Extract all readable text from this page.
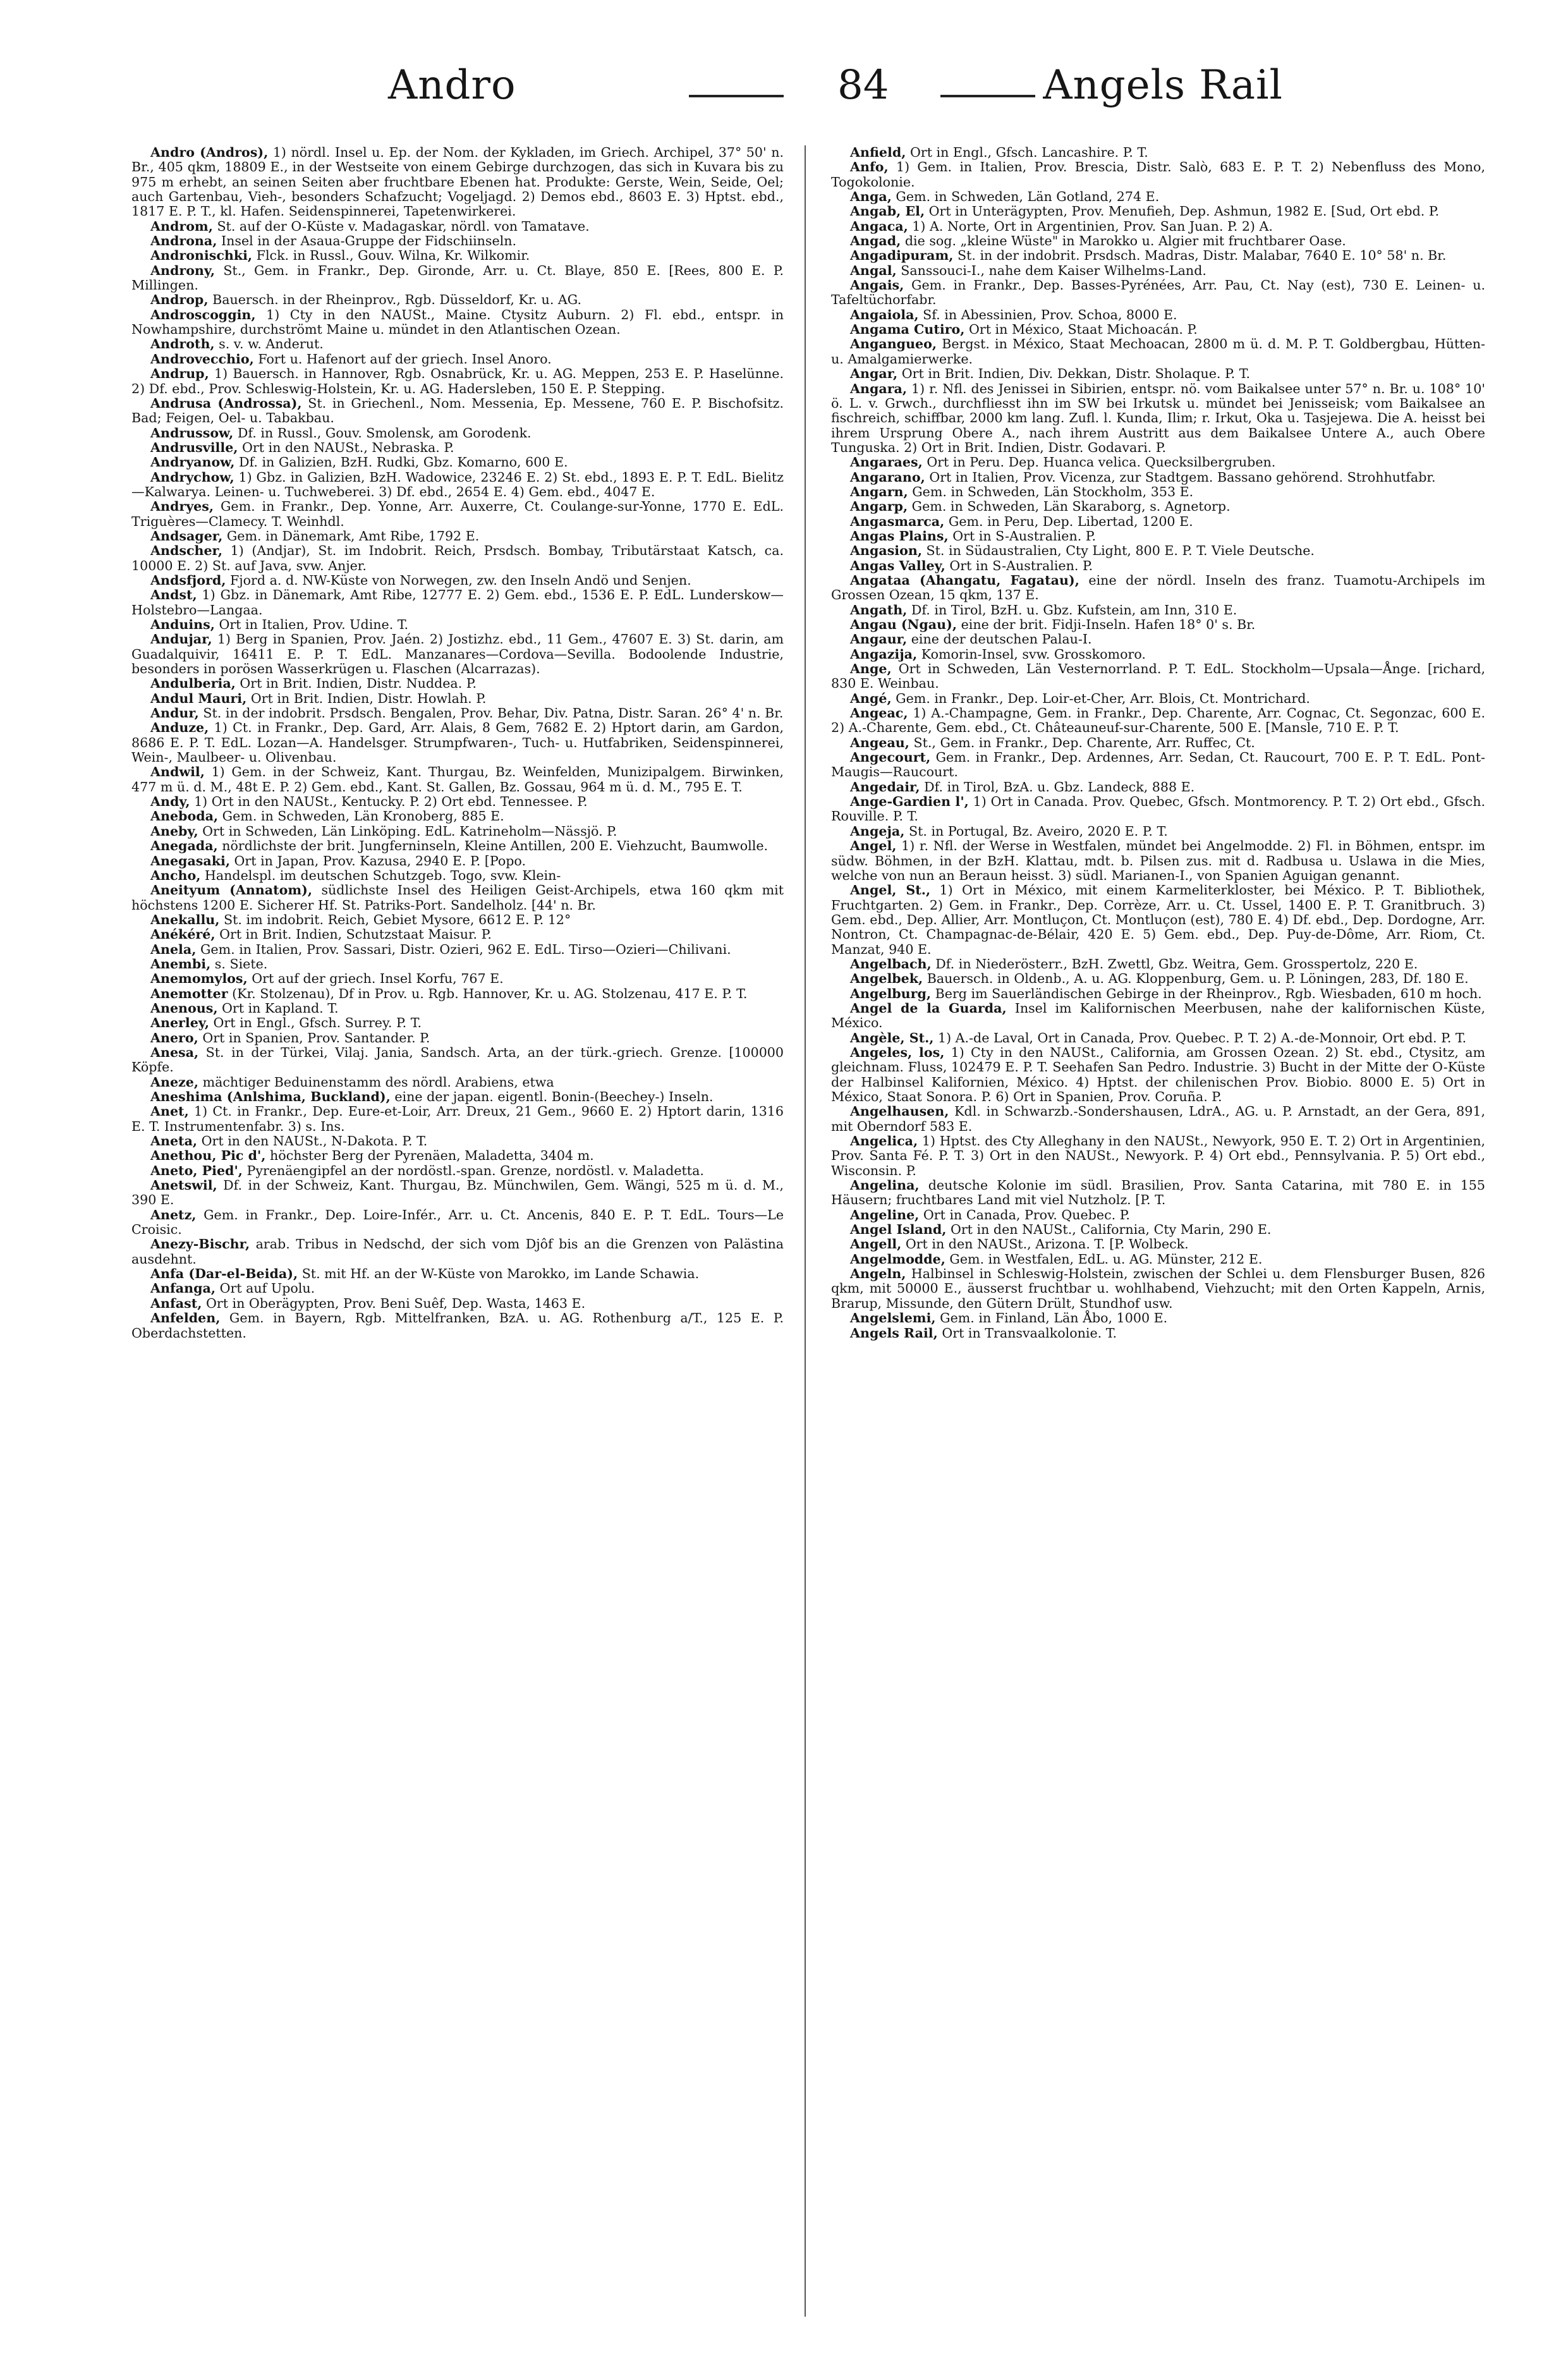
Andro	84	Angels Rail

Andro (Andros), 1) nördl. Insel u. Ep. der Nom. der Kykladen, im Griech. Archipel, 37° 50' n. Br., 405 qkm, 18809 E., in der Westseite von einem Gebirge durchzogen, das sich in Kuvara bis zu 975 m erhebt, an seinen Seiten aber fruchtbare Ebenen hat. Produkte: Gerste, Wein, Seide, Oel; auch Gartenbau, Vieh-, besonders Schafzucht; Vogeljagd. 2) Demos ebd., 8603 E. 3) Hptst. ebd., 1817 E. P. T., kl. Hafen. Seidenspinnerei, Tapetenwirkerei.

Androm, St. auf der O-Küste v. Madagaskar, nördl. von Tamatave.

Androna, Insel in der Asaua-Gruppe der Fidschiinseln.

Andronischki, Flck. in Russl., Gouv. Wilna, Kr. Wilkomir.

Androny, St., Gem. in Frankr., Dep. Gironde, Arr. u. Ct. Blaye, 850 E. [Rees, 800 E. P. Millingen.

Androp, Bauersch. in der Rheinprov., Rgb. Düsseldorf, Kr. u. AG.

Androscoggin, 1) Cty in den NAUSt., Maine. Ctysitz Auburn. 2) Fl. ebd., entspr. in Nowhampshire, durchströmt Maine u. mündet in den Atlantischen Ozean.

Androth, s. v. w. Anderut.

Androvecchio, Fort u. Hafenort auf der griech. Insel Anoro.

Andrup, 1) Bauersch. in Hannover, Rgb. Osnabrück, Kr. u. AG. Meppen, 253 E. P. Haselünne. 2) Df. ebd., Prov. Schleswig-Holstein, Kr. u. AG. Hadersleben, 150 E. P. Stepping.

Andrusa (Androssa), St. in Griechenl., Nom. Messenia, Ep. Messene, 760 E. P. Bischofsitz. Bad; Feigen, Oel- u. Tabakbau.

Andrussow, Df. in Russl., Gouv. Smolensk, am Gorodenk.

Andrusville, Ort in den NAUSt., Nebraska. P.

Andryanow, Df. in Galizien, BzH. Rudki, Gbz. Komarno, 600 E.

Andrychow, 1) Gbz. in Galizien, BzH. Wadowice, 23246 E. 2) St. ebd., 1893 E. P. T. EdL. Bielitz—Kalwarya. Leinen- u. Tuchweberei. 3) Df. ebd., 2654 E. 4) Gem. ebd., 4047 E.

Andryes, Gem. in Frankr., Dep. Yonne, Arr. Auxerre, Ct. Coulange-sur-Yonne, 1770 E. EdL. Triguères—Clamecy. T. Weinhdl.

Andsager, Gem. in Dänemark, Amt Ribe, 1792 E.

Andscher, 1) (Andjar), St. im Indobrit. Reich, Prsdsch. Bombay, Tributärstaat Katsch, ca. 10000 E. 2) St. auf Java, svw. Anjer.

Andsfjord, Fjord a. d. NW-Küste von Norwegen, zw. den Inseln Andö und Senjen.

Andst, 1) Gbz. in Dänemark, Amt Ribe, 12777 E. 2) Gem. ebd., 1536 E. P. EdL. Lunderskow—Holstebro—Langaa.

Anduins, Ort in Italien, Prov. Udine. T.

Andujar, 1) Berg in Spanien, Prov. Jaén. 2) Jostizhz. ebd., 11 Gem., 47607 E. 3) St. darin, am Guadalquivir, 16411 E. P. T. EdL. Manzanares—Cordova—Sevilla. Bodoolende Industrie, besonders in porösen Wasserkrügen u. Flaschen (Alcarrazas).

Andulberia, Ort in Brit. Indien, Distr. Nuddea. P.

Andul Mauri, Ort in Brit. Indien, Distr. Howlah. P.

Andur, St. in der indobrit. Prsdsch. Bengalen, Prov. Behar, Div. Patna, Distr. Saran. 26° 4' n. Br.

Anduze, 1) Ct. in Frankr., Dep. Gard, Arr. Alais, 8 Gem, 7682 E. 2) Hptort darin, am Gardon, 8686 E. P. T. EdL. Lozan—A. Handelsger. Strumpfwaren-, Tuch- u. Hutfabriken, Seidenspinnerei, Wein-, Maulbeer- u. Olivenbau.

Andwil, 1) Gem. in der Schweiz, Kant. Thurgau, Bz. Weinfelden, Munizipalgem. Birwinken, 477 m ü. d. M., 48t E. P. 2) Gem. ebd., Kant. St. Gallen, Bz. Gossau, 964 m ü. d. M., 795 E. T.

Andy, 1) Ort in den NAUSt., Kentucky. P. 2) Ort ebd. Tennessee. P.

Aneboda, Gem. in Schweden, Län Kronoberg, 885 E.

Aneby, Ort in Schweden, Län Linköping. EdL. Katrineholm—Nässjö. P.

Anegada, nördlichste der brit. Jungferninseln, Kleine Antillen, 200 E. Viehzucht, Baumwolle.

Anegasaki, Ort in Japan, Prov. Kazusa, 2940 E. P. [Popo.

Ancho, Handelspl. im deutschen Schutzgeb. Togo, svw. Klein-

Aneityum (Annatom), südlichste Insel des Heiligen Geist-Archipels, etwa 160 qkm mit höchstens 1200 E. Sicherer Hf. St. Patriks-Port. Sandelholz. [44' n. Br.

Anekallu, St. im indobrit. Reich, Gebiet Mysore, 6612 E. P. 12°

Anékéré, Ort in Brit. Indien, Schutzstaat Maisur. P.

Anela, Gem. in Italien, Prov. Sassari, Distr. Ozieri, 962 E. EdL. Tirso—Ozieri—Chilivani.

Anembi, s. Siete.

Anemomylos, Ort auf der griech. Insel Korfu, 767 E.

Anemotter (Kr. Stolzenau), Df in Prov. u. Rgb. Hannover, Kr. u. AG. Stolzenau, 417 E. P. T.

Anenous, Ort in Kapland. T.

Anerley, Ort in Engl., Gfsch. Surrey. P. T.

Anero, Ort in Spanien, Prov. Santander. P.

Anesa, St. in der Türkei, Vilaj. Jania, Sandsch. Arta, an der türk.-griech. Grenze. [100000 Köpfe.

Aneze, mächtiger Beduinenstamm des nördl. Arabiens, etwa

Aneshima (Anlshima, Buckland), eine der japan. eigentl. Bonin-(Beechey-) Inseln.

Anet, 1) Ct. in Frankr., Dep. Eure-et-Loir, Arr. Dreux, 21 Gem., 9660 E. 2) Hptort darin, 1316 E. T. Instrumentenfabr. 3) s. Ins.

Aneta, Ort in den NAUSt., N-Dakota. P. T.

Anethou, Pic d', höchster Berg der Pyrenäen, Maladetta, 3404 m.

Aneto, Pied', Pyrenäengipfel an der nordöstl.-span. Grenze, nordöstl. v. Maladetta.

Anetswil, Df. in der Schweiz, Kant. Thurgau, Bz. Münchwilen, Gem. Wängi, 525 m ü. d. M., 390 E.

Anetz, Gem. in Frankr., Dep. Loire-Infér., Arr. u. Ct. Ancenis, 840 E. P. T. EdL. Tours—Le Croisic.

Anezy-Bischr, arab. Tribus in Nedschd, der sich vom Djôf bis an die Grenzen von Palästina ausdehnt.

Anfa (Dar-el-Beida), St. mit Hf. an der W-Küste von Marokko, im Lande Schawia.

Anfanga, Ort auf Upolu.

Anfast, Ort in Oberägypten, Prov. Beni Suêf, Dep. Wasta, 1463 E.

Anfelden, Gem. in Bayern, Rgb. Mittelfranken, BzA. u. AG. Rothenburg a/T., 125 E. P. Oberdachstetten.

Anfield, Ort in Engl., Gfsch. Lancashire. P. T.

Anfo, 1) Gem. in Italien, Prov. Brescia, Distr. Salò, 683 E. P. T. 2) Nebenfluss des Mono, Togokolonie.

Anga, Gem. in Schweden, Län Gotland, 274 E.

Angab, El, Ort in Unterägypten, Prov. Menufieh, Dep. Ashmun, 1982 E. [Sud, Ort ebd. P.

Angaca, 1) A. Norte, Ort in Argentinien, Prov. San Juan. P. 2) A.

Angad, die sog. „kleine Wüste" in Marokko u. Algier mit fruchtbarer Oase.

Angadipuram, St. in der indobrit. Prsdsch. Madras, Distr. Malabar, 7640 E. 10° 58' n. Br.

Angal, Sanssouci-I., nahe dem Kaiser Wilhelms-Land.

Angais, Gem. in Frankr., Dep. Basses-Pyrénées, Arr. Pau, Ct. Nay (est), 730 E. Leinen- u. Tafeltüchorfabr.

Angaiola, Sf. in Abessinien, Prov. Schoa, 8000 E.

Angama Cutiro, Ort in México, Staat Michoacán. P.

Angangueo, Bergst. in México, Staat Mechoacan, 2800 m ü. d. M. P. T. Goldbergbau, Hütten- u. Amalgamierwerke.

Angar, Ort in Brit. Indien, Div. Dekkan, Distr. Sholaque. P. T.

Angara, 1) r. Nfl. des Jenissei in Sibirien, entspr. nö. vom Baikalsee unter 57° n. Br. u. 108° 10' ö. L. v. Grwch., durchfliesst ihn im SW bei Irkutsk u. mündet bei Jenisseisk; vom Baikalsee an fischreich, schiffbar, 2000 km lang. Zufl. l. Kunda, Ilim; r. Irkut, Oka u. Tasjejewa. Die A. heisst bei ihrem Ursprung Obere A., nach ihrem Austritt aus dem Baikalsee Untere A., auch Obere Tunguska. 2) Ort in Brit. Indien, Distr. Godavari. P.

Angaraes, Ort in Peru. Dep. Huanca velica. Quecksilbergruben.

Angarano, Ort in Italien, Prov. Vicenza, zur Stadtgem. Bassano gehörend. Strohhutfabr.

Angarn, Gem. in Schweden, Län Stockholm, 353 E.

Angarp, Gem. in Schweden, Län Skaraborg, s. Agnetorp.

Angasmarca, Gem. in Peru, Dep. Libertad, 1200 E.

Angas Plains, Ort in S-Australien. P.

Angasion, St. in Südaustralien, Cty Light, 800 E. P. T. Viele Deutsche.

Angas Valley, Ort in S-Australien. P.

Angataa (Ahangatu, Fagatau), eine der nördl. Inseln des franz. Tuamotu-Archipels im Grossen Ozean, 15 qkm, 137 E.

Angath, Df. in Tirol, BzH. u. Gbz. Kufstein, am Inn, 310 E.

Angau (Ngau), eine der brit. Fidji-Inseln. Hafen 18° 0' s. Br.

Angaur, eine der deutschen Palau-I.

Angazija, Komorin-Insel, svw. Grosskomoro.

Ange, Ort in Schweden, Län Vesternorrland. P. T. EdL. Stockholm—Upsala—Ånge. [richard, 830 E. Weinbau.

Angé, Gem. in Frankr., Dep. Loir-et-Cher, Arr. Blois, Ct. Montrichard.

Angeac, 1) A.-Champagne, Gem. in Frankr., Dep. Charente, Arr. Cognac, Ct. Segonzac, 600 E. 2) A.-Charente, Gem. ebd., Ct. Châteauneuf-sur-Charente, 500 E. [Mansle, 710 E. P. T.

Angeau, St., Gem. in Frankr., Dep. Charente, Arr. Ruffec, Ct.

Angecourt, Gem. in Frankr., Dep. Ardennes, Arr. Sedan, Ct. Raucourt, 700 E. P. T. EdL. Pont-Maugis—Raucourt.

Angedair, Df. in Tirol, BzA. u. Gbz. Landeck, 888 E.

Ange-Gardien l', 1) Ort in Canada. Prov. Quebec, Gfsch. Montmorency. P. T. 2) Ort ebd., Gfsch. Rouville. P. T.

Angeja, St. in Portugal, Bz. Aveiro, 2020 E. P. T.

Angel, 1) r. Nfl. der Werse in Westfalen, mündet bei Angelmodde. 2) Fl. in Böhmen, entspr. im südw. Böhmen, in der BzH. Klattau, mdt. b. Pilsen zus. mit d. Radbusa u. Uslawa in die Mies, welche von nun an Beraun heisst. 3) südl. Marianen-I., von Spanien Aguigan genannt.

Angel, St., 1) Ort in México, mit einem Karmeliterkloster, bei México. P. T. Bibliothek, Fruchtgarten. 2) Gem. in Frankr., Dep. Corrèze, Arr. u. Ct. Ussel, 1400 E. P. T. Granitbruch. 3) Gem. ebd., Dep. Allier, Arr. Montluçon, Ct. Montluçon (est), 780 E. 4) Df. ebd., Dep. Dordogne, Arr. Nontron, Ct. Champagnac-de-Bélair, 420 E. 5) Gem. ebd., Dep. Puy-de-Dôme, Arr. Riom, Ct. Manzat, 940 E.

Angelbach, Df. in Niederösterr., BzH. Zwettl, Gbz. Weitra, Gem. Grosspertolz, 220 E.

Angelbek, Bauersch. in Oldenb., A. u. AG. Kloppenburg, Gem. u. P. Löningen, 283, Df. 180 E.

Angelburg, Berg im Sauerländischen Gebirge in der Rheinprov., Rgb. Wiesbaden, 610 m hoch.

Angel de la Guarda, Insel im Kalifornischen Meerbusen, nahe der kalifornischen Küste, México.

Angèle, St., 1) A.-de Laval, Ort in Canada, Prov. Quebec. P. T. 2) A.-de-Monnoir, Ort ebd. P. T.

Angeles, los, 1) Cty in den NAUSt., California, am Grossen Ozean. 2) St. ebd., Ctysitz, am gleichnam. Fluss, 102479 E. P. T. Seehafen San Pedro. Industrie. 3) Bucht in der Mitte der O-Küste der Halbinsel Kalifornien, México. 4) Hptst. der chilenischen Prov. Biobio. 8000 E. 5) Ort in México, Staat Sonora. P. 6) Ort in Spanien, Prov. Coruña. P.

Angelhausen, Kdl. in Schwarzb.-Sondershausen, LdrA., AG. u. P. Arnstadt, an der Gera, 891, mit Oberndorf 583 E.

Angelica, 1) Hptst. des Cty Alleghany in den NAUSt., Newyork, 950 E. T. 2) Ort in Argentinien, Prov. Santa Fé. P. T. 3) Ort in den NAUSt., Newyork. P. 4) Ort ebd., Pennsylvania. P. 5) Ort ebd., Wisconsin. P.

Angelina, deutsche Kolonie im südl. Brasilien, Prov. Santa Catarina, mit 780 E. in 155 Häusern; fruchtbares Land mit viel Nutzholz. [P. T.

Angeline, Ort in Canada, Prov. Quebec. P.

Angel Island, Ort in den NAUSt., California, Cty Marin, 290 E.

Angell, Ort in den NAUSt., Arizona. T. [P. Wolbeck.

Angelmodde, Gem. in Westfalen, EdL. u. AG. Münster, 212 E.

Angeln, Halbinsel in Schleswig-Holstein, zwischen der Schlei u. dem Flensburger Busen, 826 qkm, mit 50000 E., äusserst fruchtbar u. wohlhabend, Viehzucht; mit den Orten Kappeln, Arnis, Brarup, Missunde, den Gütern Drült, Stundhof usw.

Angelslemi, Gem. in Finland, Län Åbo, 1000 E.

Angels Rail, Ort in Transvaalkolonie. T.
